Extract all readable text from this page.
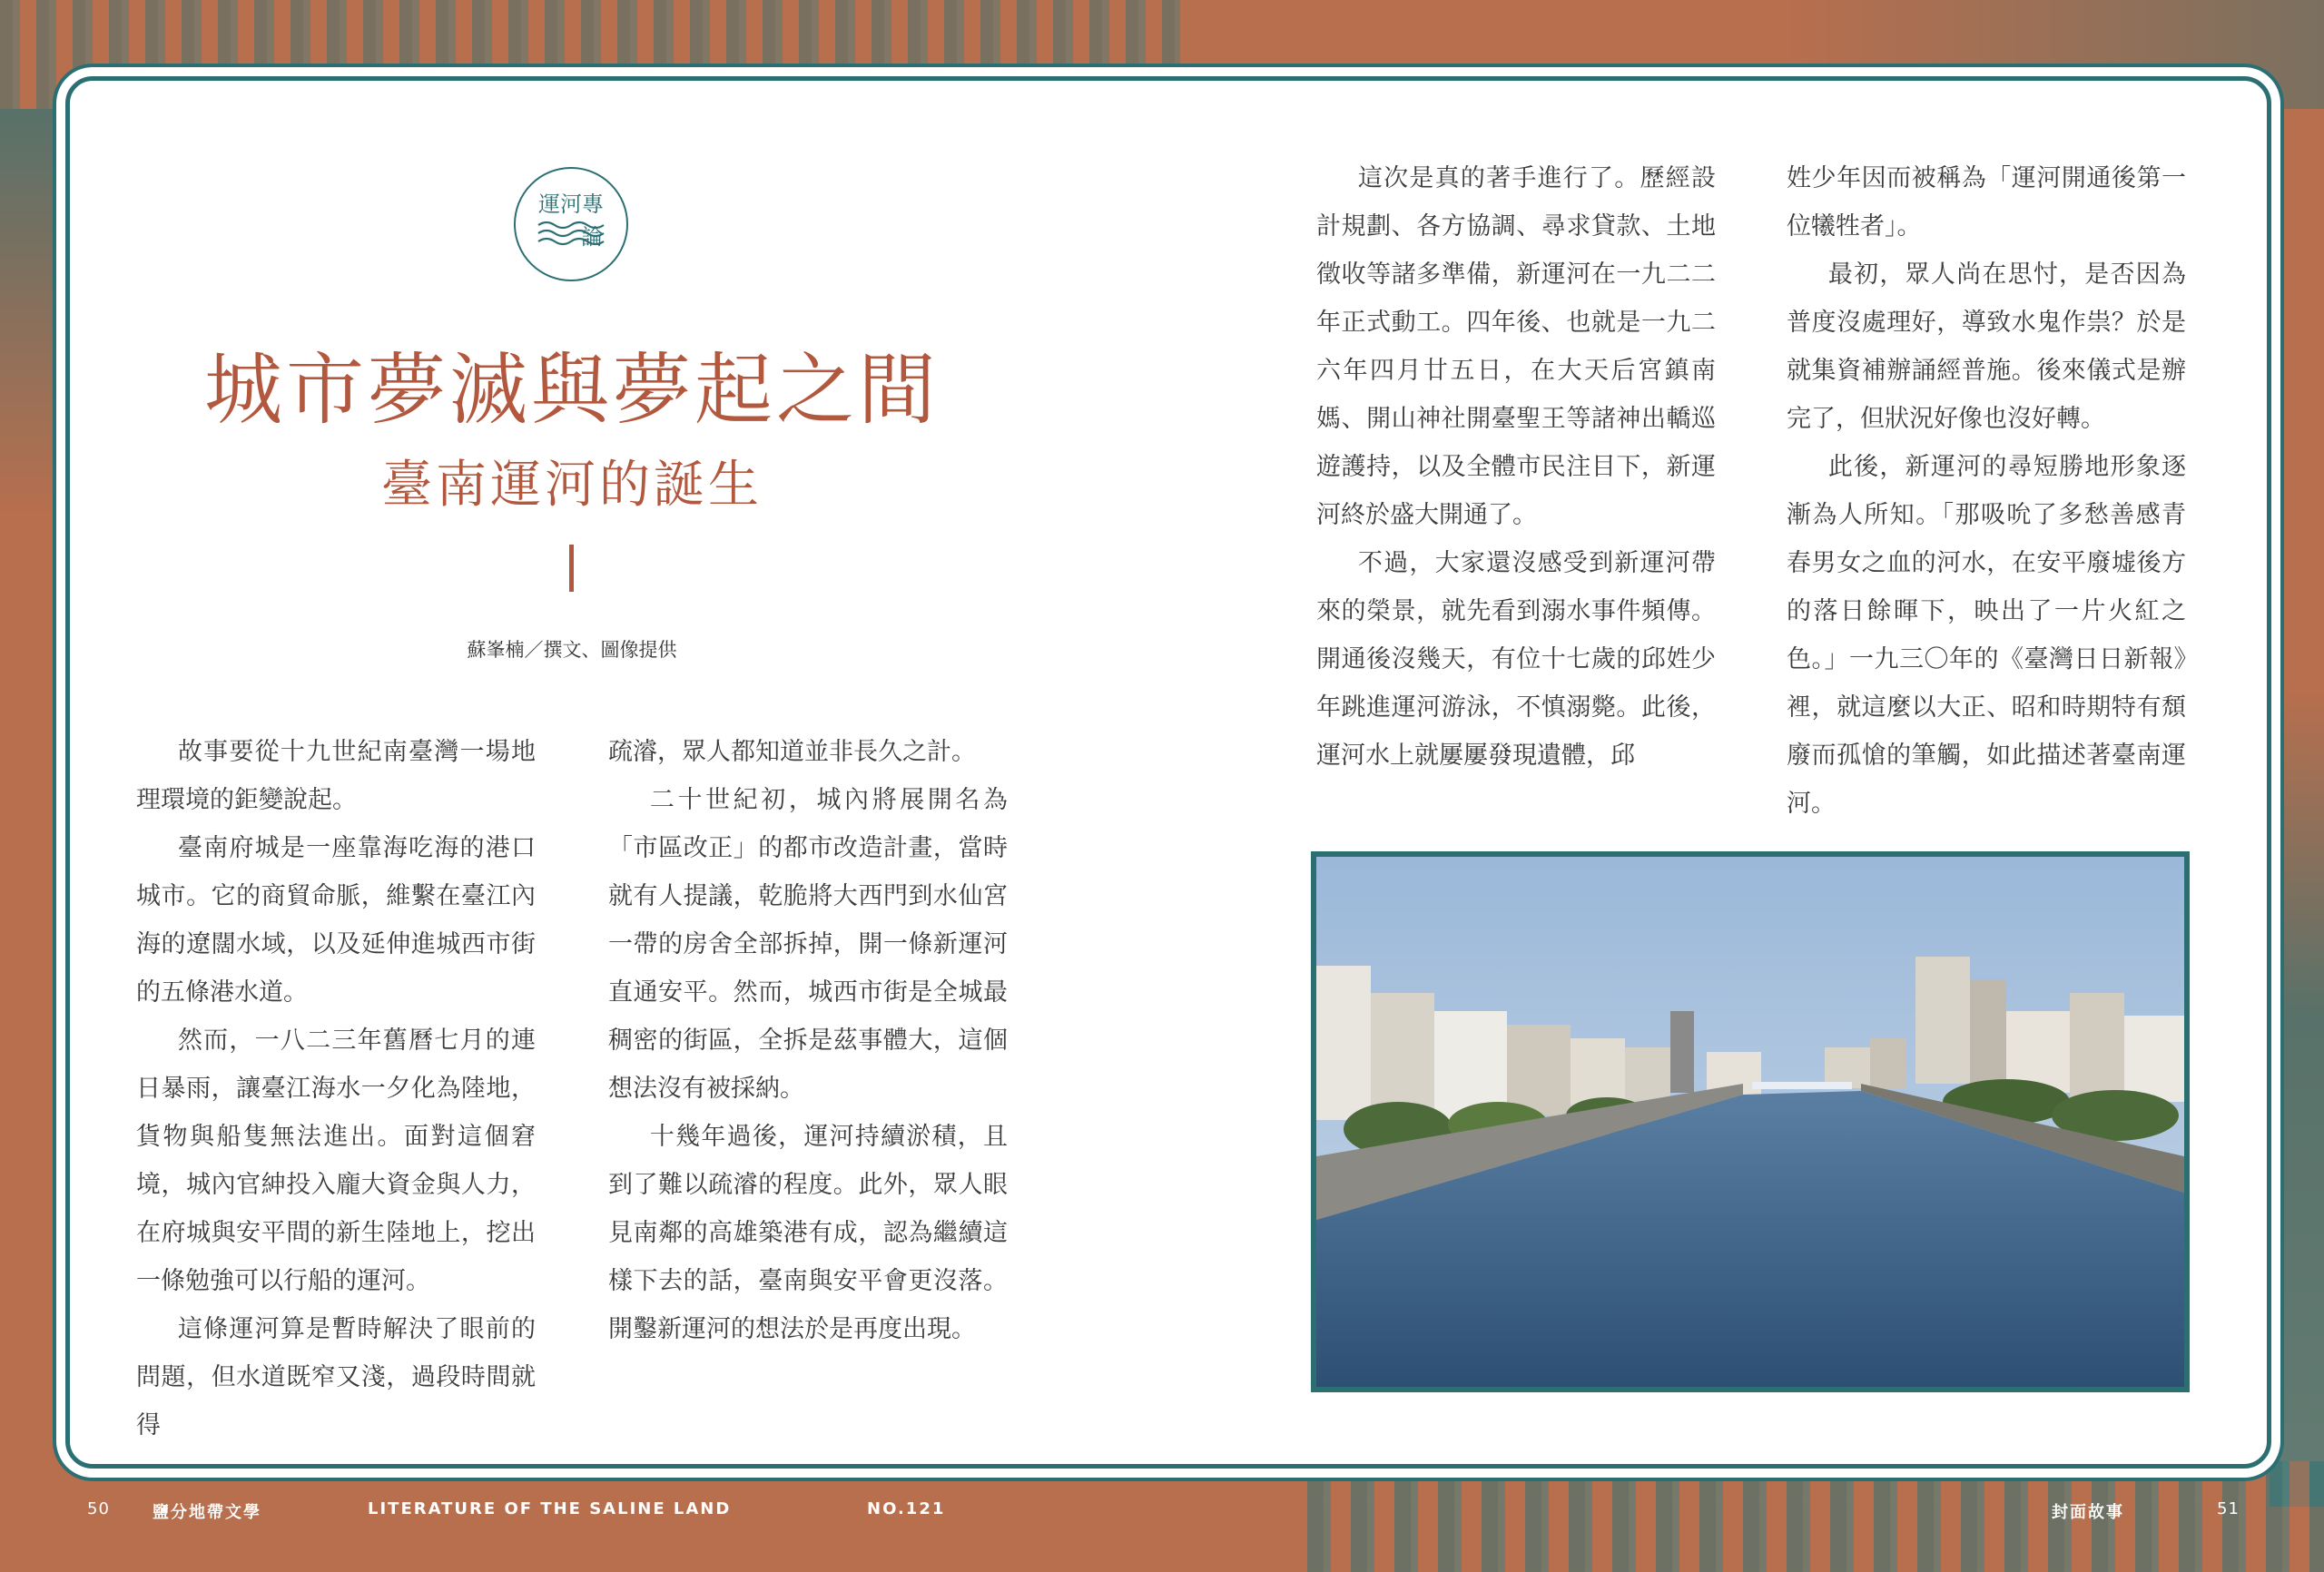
運河專

論
城市夢滅與夢起之間
臺南運河的誕生
蘇峯楠／撰文、圖像提供

故事要從十九世紀南臺灣一場地理環境的鉅變說起。

臺南府城是一座靠海吃海的港口城市。它的商貿命脈，維繫在臺江內海的遼闊水域，以及延伸進城西市街的五條港水道。

然而，一八二三年舊曆七月的連日暴雨，讓臺江海水一夕化為陸地，貨物與船隻無法進出。面對這個窘境，城內官紳投入龐大資金與人力，在府城與安平間的新生陸地上，挖出一條勉強可以行船的運河。

這條運河算是暫時解決了眼前的問題，但水道既窄又淺，過段時間就得

疏濬，眾人都知道並非長久之計。

二十世紀初，城內將展開名為「市區改正」的都市改造計畫，當時就有人提議，乾脆將大西門到水仙宮一帶的房舍全部拆掉，開一條新運河直通安平。然而，城西市街是全城最稠密的街區，全拆是茲事體大，這個想法沒有被採納。

十幾年過後，運河持續淤積，且到了難以疏濬的程度。此外，眾人眼見南鄰的高雄築港有成，認為繼續這樣下去的話，臺南與安平會更沒落。開鑿新運河的想法於是再度出現。

這次是真的著手進行了。歷經設計規劃、各方協調、尋求貸款、土地徵收等諸多準備，新運河在一九二二年正式動工。四年後、也就是一九二六年四月廿五日，在大天后宮鎮南媽、開山神社開臺聖王等諸神出轎巡遊護持，以及全體市民注目下，新運河終於盛大開通了。

不過，大家還沒感受到新運河帶來的榮景，就先看到溺水事件頻傳。開通後沒幾天，有位十七歲的邱姓少年跳進運河游泳，不慎溺斃。此後，運河水上就屢屢發現遺體，邱

姓少年因而被稱為「運河開通後第一位犧牲者」。

最初，眾人尚在思忖，是否因為普度沒處理好，導致水鬼作祟？於是就集資補辦誦經普施。後來儀式是辦完了，但狀況好像也沒好轉。

此後，新運河的尋短勝地形象逐漸為人所知。「那吸吮了多愁善感青春男女之血的河水，在安平廢墟後方的落日餘暉下，映出了一片火紅之色。」一九三〇年的《臺灣日日新報》裡，就這麼以大正、昭和時期特有頹廢而孤愴的筆觸，如此描述著臺南運河。

50	鹽分地帶文學	LITERATURE OF THE SALINE LAND	NO.121	封面故事	51
